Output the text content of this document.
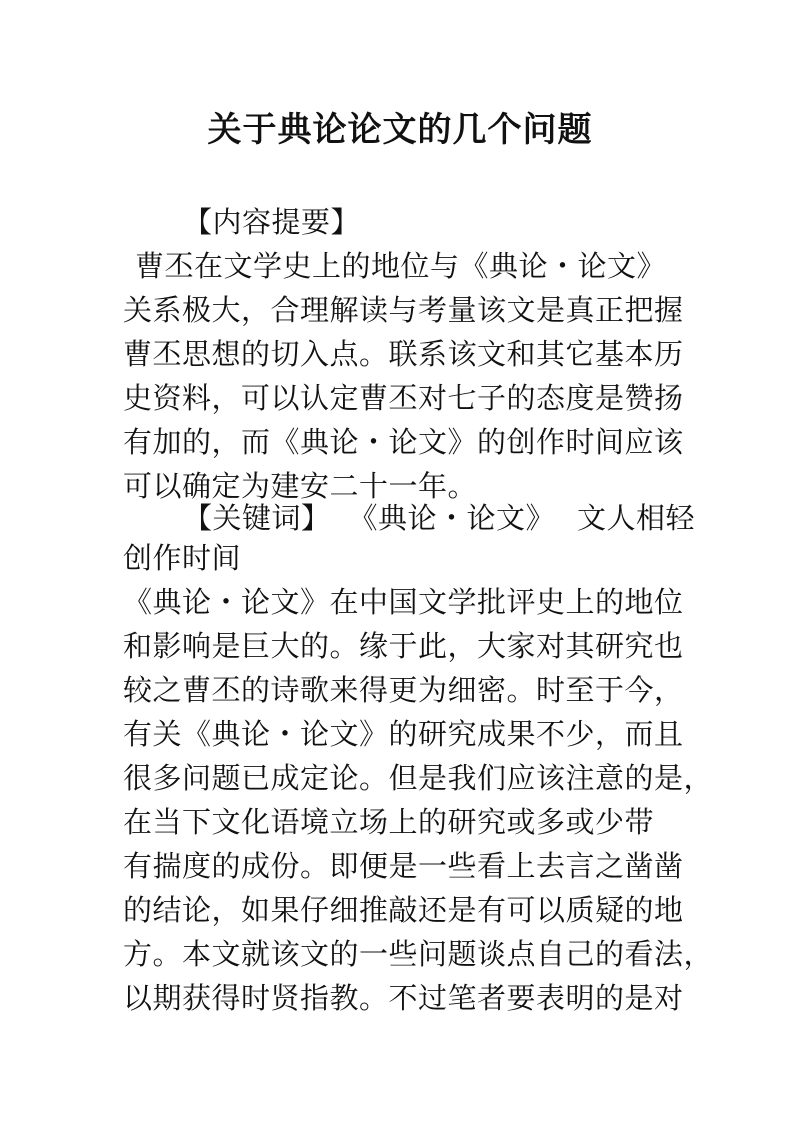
关于典论论文的几个问题
【内容提要】
曹丕在文学史上的地位与《典论・论文》
关系极大，合理解读与考量该文是真正把握
曹丕思想的切入点。联系该文和其它基本历
史资料，可以认定曹丕对七子的态度是赞扬
有加的，而《典论・论文》的创作时间应该
可以确定为建安二十一年。
【关键词】 《典论・论文》 文人相轻
创作时间
《典论・论文》在中国文学批评史上的地位
和影响是巨大的。缘于此，大家对其研究也
较之曹丕的诗歌来得更为细密。时至于今，
有关《典论・论文》的研究成果不少，而且
很多问题已成定论。但是我们应该注意的是，
在当下文化语境立场上的研究或多或少带
有揣度的成份。即便是一些看上去言之凿凿
的结论，如果仔细推敲还是有可以质疑的地
方。本文就该文的一些问题谈点自己的看法，
以期获得时贤指教。不过笔者要表明的是对
